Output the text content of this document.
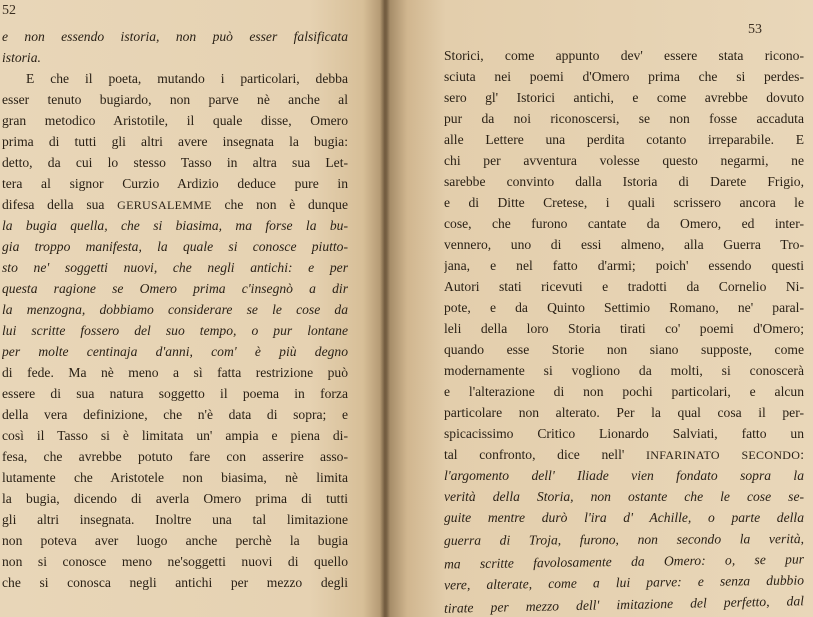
52
e non essendo istoria, non può esser falsificata
istoria.
E che il poeta, mutando i particolari, debba
esser tenuto bugiardo, non parve nè anche al
gran metodico Aristotile, il quale disse, Omero
prima di tutti gli altri avere insegnata la bugia:
detto, da cui lo stesso Tasso in altra sua Let-
tera al signor Curzio Ardizio deduce pure in
difesa della sua GERUSALEMME che non è dunque
la bugia quella, che si biasima, ma forse la bu-
gia troppo manifesta, la quale si conosce piutto-
sto ne' soggetti nuovi, che negli antichi: e per
questa ragione se Omero prima c'insegnò a dir
la menzogna, dobbiamo considerare se le cose da
lui scritte fossero del suo tempo, o pur lontane
per molte centinaja d'anni, com' è più degno
di fede. Ma nè meno a sì fatta restrizione può
essere di sua natura soggetto il poema in forza
della vera definizione, che n'è data di sopra; e
così il Tasso si è limitata un' ampia e piena di-
fesa, che avrebbe potuto fare con asserire asso-
lutamente che Aristotele non biasima, nè limita
la bugia, dicendo di averla Omero prima di tutti
gli altri insegnata. Inoltre una tal limitazione
non poteva aver luogo anche perchè la bugia
non si conosce meno ne'soggetti nuovi di quello
che si conosca negli antichi per mezzo degli
53
Storici, come appunto dev' essere stata ricono-
sciuta nei poemi d'Omero prima che si perdes-
sero gl' Istorici antichi, e come avrebbe dovuto
pur da noi riconoscersi, se non fosse accaduta
alle Lettere una perdita cotanto irreparabile. E
chi per avventura volesse questo negarmi, ne
sarebbe convinto dalla Istoria di Darete Frigio,
e di Ditte Cretese, i quali scrissero ancora le
cose, che furono cantate da Omero, ed inter-
vennero, uno di essi almeno, alla Guerra Tro-
jana, e nel fatto d'armi; poich' essendo questi
Autori stati ricevuti e tradotti da Cornelio Ni-
pote, e da Quinto Settimio Romano, ne' paral-
leli della loro Storia tirati co' poemi d'Omero;
quando esse Storie non siano supposte, come
modernamente si vogliono da molti, si conoscerà
e l'alterazione di non pochi particolari, e alcun
particolare non alterato. Per la qual cosa il per-
spicacissimo Critico Lionardo Salviati, fatto un
tal confronto, dice nell' INFARINATO SECONDO:
l'argomento dell' Iliade vien fondato sopra la
verità della Storia, non ostante che le cose se-
guite mentre durò l'ira d' Achille, o parte della
guerra di Troja, furono, non secondo la verità,
ma scritte favolosamente da Omero: o, se pur
vere, alterate, come a lui parve: e senza dubbio
tirate per mezzo dell' imitazione del perfetto, dal
